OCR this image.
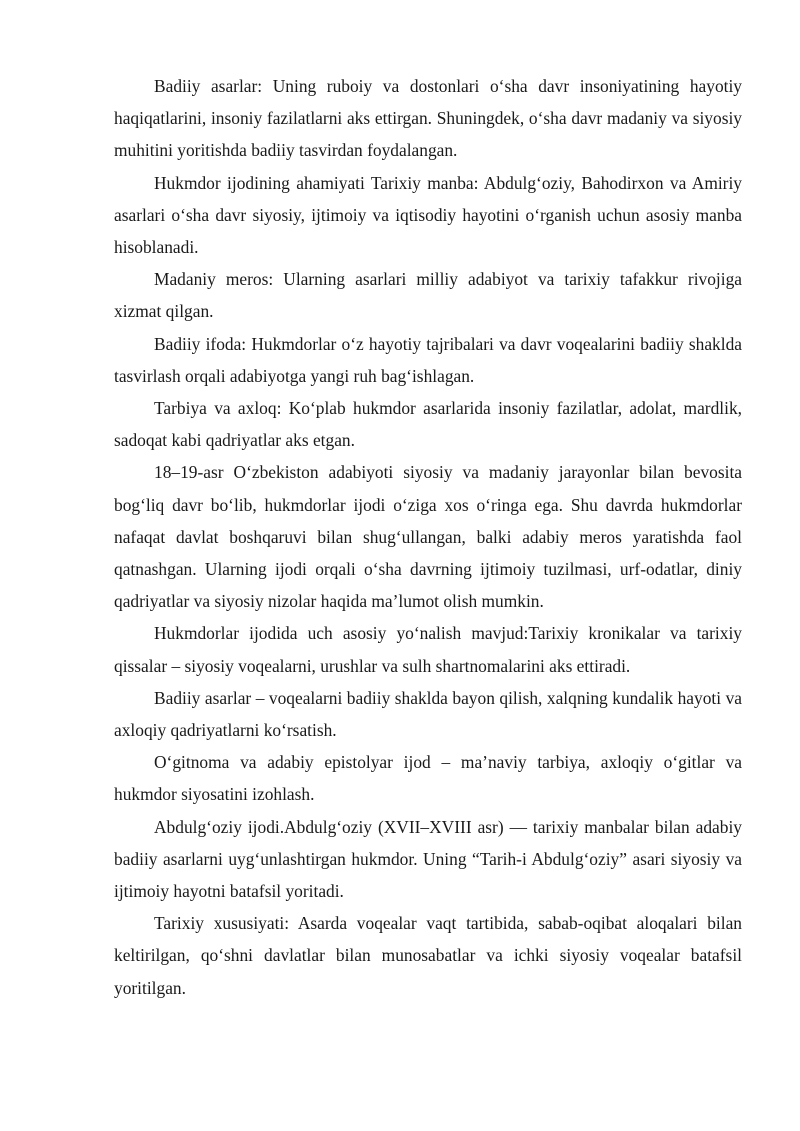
Badiiy asarlar: Uning ruboiy va dostonlari o‘sha davr insoniyatining hayotiy haqiqatlarini, insoniy fazilatlarni aks ettirgan. Shuningdek, o‘sha davr madaniy va siyosiy muhitini yoritishda badiiy tasvirdan foydalangan.

Hukmdor ijodining ahamiyati Tarixiy manba: Abdulg‘oziy, Bahodirxon va Amiriy asarlari o‘sha davr siyosiy, ijtimoiy va iqtisodiy hayotini o‘rganish uchun asosiy manba hisoblanadi.

Madaniy meros: Ularning asarlari milliy adabiyot va tarixiy tafakkur rivojiga xizmat qilgan.

Badiiy ifoda: Hukmdorlar o‘z hayotiy tajribalari va davr voqealarini badiiy shaklda tasvirlash orqali adabiyotga yangi ruh bag‘ishlagan.

Tarbiya va axloq: Ko‘plab hukmdor asarlarida insoniy fazilatlar, adolat, mardlik, sadoqat kabi qadriyatlar aks etgan.

18–19-asr O‘zbekiston adabiyoti siyosiy va madaniy jarayonlar bilan bevosita bog‘liq davr bo‘lib, hukmdorlar ijodi o‘ziga xos o‘ringa ega. Shu davrda hukmdorlar nafaqat davlat boshqaruvi bilan shug‘ullangan, balki adabiy meros yaratishda faol qatnashgan. Ularning ijodi orqali o‘sha davrning ijtimoiy tuzilmasi, urf-odatlar, diniy qadriyatlar va siyosiy nizolar haqida ma’lumot olish mumkin.

Hukmdorlar ijodida uch asosiy yo‘nalish mavjud:Tarixiy kronikalar va tarixiy qissalar – siyosiy voqealarni, urushlar va sulh shartnomalarini aks ettiradi.

Badiiy asarlar – voqealarni badiiy shaklda bayon qilish, xalqning kundalik hayoti va axloqiy qadriyatlarni ko‘rsatish.

O‘gitnoma va adabiy epistolyar ijod – ma’naviy tarbiya, axloqiy o‘gitlar va hukmdor siyosatini izohlash.

Abdulg‘oziy ijodi.Abdulg‘oziy (XVII–XVIII asr) — tarixiy manbalar bilan adabiy badiiy asarlarni uyg‘unlashtirgan hukmdor. Uning “Tarih-i Abdulg‘oziy” asari siyosiy va ijtimoiy hayotni batafsil yoritadi.

Tarixiy xususiyati: Asarda voqealar vaqt tartibida, sabab-oqibat aloqalari bilan keltirilgan, qo‘shni davlatlar bilan munosabatlar va ichki siyosiy voqealar batafsil yoritilgan.
